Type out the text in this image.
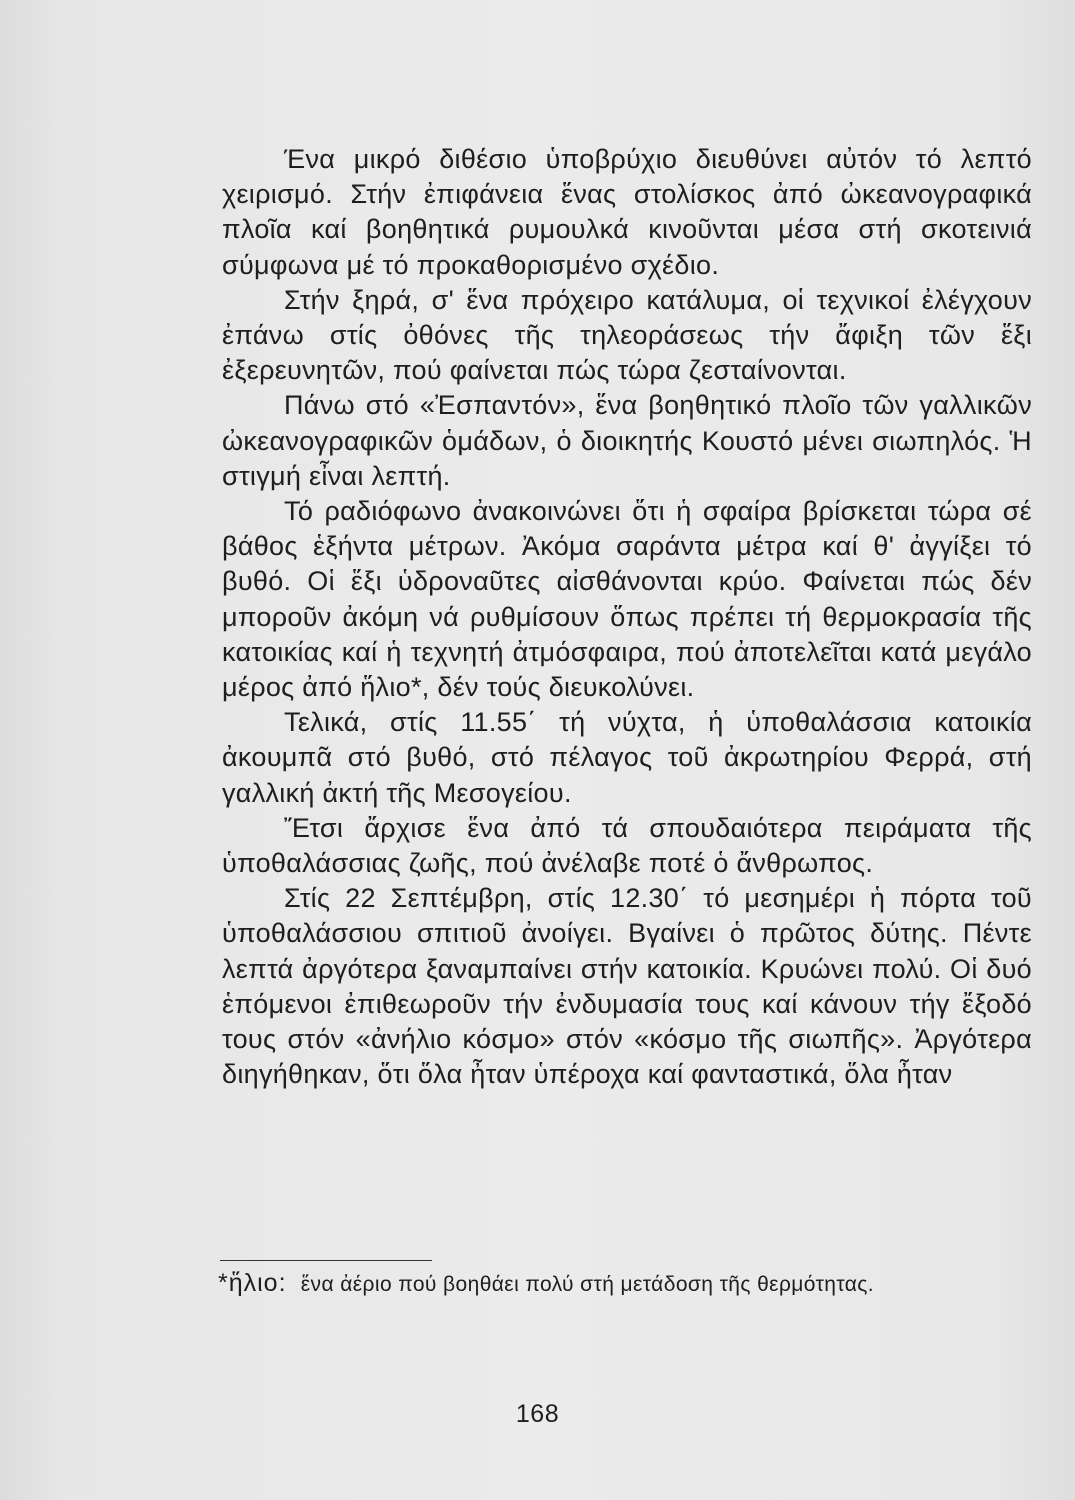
Ένα μικρό διθέσιο ὑποβρύχιο διευθύνει αὐτόν τό λεπτό χειρισμό. Στήν ἐπιφάνεια ἕνας στολίσκος ἀπό ὠκεανογραφικά πλοῖα καί βοηθητικά ρυμουλκά κινοῦνται μέσα στή σκοτεινιά σύμφωνα μέ τό προκαθορισμένο σχέδιο.

Στήν ξηρά, σ' ἕνα πρόχειρο κατάλυμα, οἱ τεχνικοί ἐλέγχουν ἐπάνω στίς ὀθόνες τῆς τηλεοράσεως τήν ἄφιξη τῶν ἕξι ἐξερευνητῶν, πού φαίνεται πώς τώρα ζεσταίνονται.

Πάνω στό «Ἐσπαντόν», ἕνα βοηθητικό πλοῖο τῶν γαλλικῶν ὠκεανογραφικῶν ὁμάδων, ὁ διοικητής Κουστό μένει σιωπηλός. Ἡ στιγμή εἶναι λεπτή.

Τό ραδιόφωνο ἀνακοινώνει ὅτι ἡ σφαίρα βρίσκεται τώρα σέ βάθος ἑξήντα μέτρων. Ἀκόμα σαράντα μέτρα καί θ' ἀγγίξει τό βυθό. Οἱ ἕξι ὑδροναῦτες αἰσθάνονται κρύο. Φαίνεται πώς δέν μποροῦν ἀκόμη νά ρυθμίσουν ὅπως πρέπει τή θερμοκρασία τῆς κατοικίας καί ἡ τεχνητή ἀτμόσφαιρα, πού ἀποτελεῖται κατά μεγάλο μέρος ἀπό ἥλιο*, δέν τούς διευκολύνει.

Τελικά, στίς 11.55΄ τή νύχτα, ἡ ὑποθαλάσσια κατοικία ἀκουμπᾶ στό βυθό, στό πέλαγος τοῦ ἀκρωτηρίου Φερρά, στή γαλλική ἀκτή τῆς Μεσογείου.

Ἔτσι ἄρχισε ἕνα ἀπό τά σπουδαιότερα πειράματα τῆς ὑποθαλάσσιας ζωῆς, πού ἀνέλαβε ποτέ ὁ ἄνθρωπος.

Στίς 22 Σεπτέμβρη, στίς 12.30΄ τό μεσημέρι ἡ πόρτα τοῦ ὑποθαλάσσιου σπιτιοῦ ἀνοίγει. Βγαίνει ὁ πρῶτος δύτης. Πέντε λεπτά ἀργότερα ξαναμπαίνει στήν κατοικία. Κρυώνει πολύ. Οἱ δυό ἑπόμενοι ἐπιθεωροῦν τήν ἐνδυμασία τους καί κάνουν τήγ ἔξοδό τους στόν «ἀνήλιο κόσμο» στόν «κόσμο τῆς σιωπῆς». Ἀργότερα διηγήθηκαν, ὅτι ὅλα ἦταν ὑπέροχα καί φανταστικά, ὅλα ἦταν

*ἥλιο: ἕνα ἀέριο πού βοηθάει πολύ στή μετάδοση τῆς θερμότητας.
168
